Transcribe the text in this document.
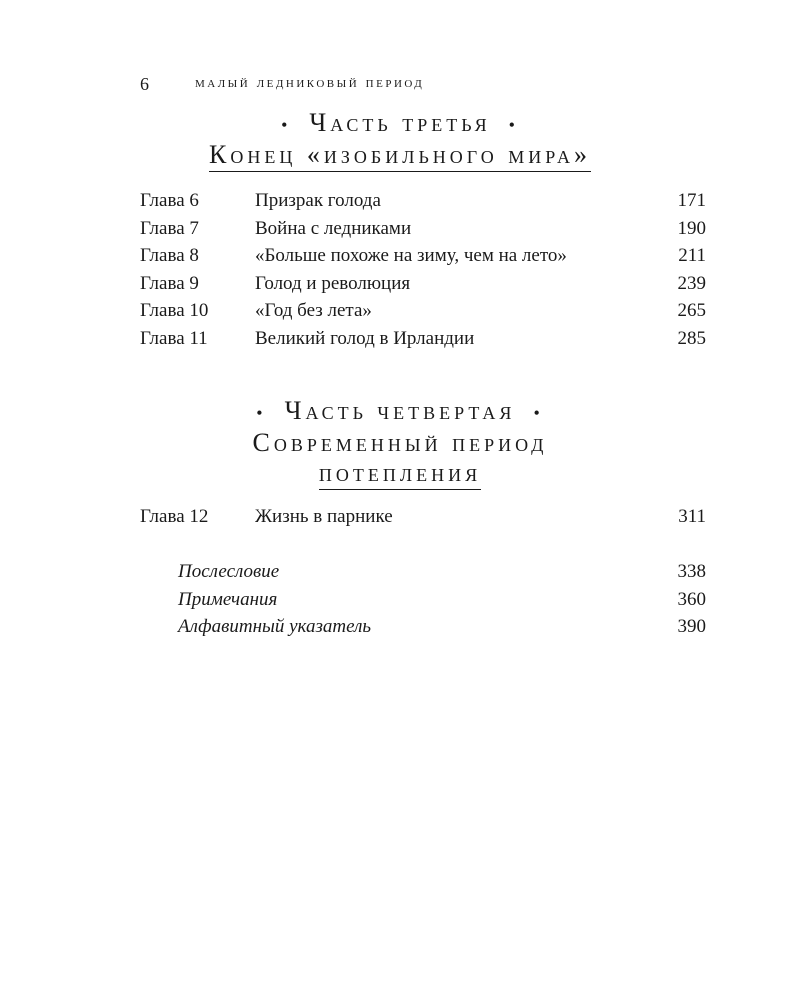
6	малый ледниковый период
• Часть третья •
Конец «изобильного мира»
Глава 6	Призрак голода	171
Глава 7	Война с ледниками	190
Глава 8	«Больше похоже на зиму, чем на лето»	211
Глава 9	Голод и революция	239
Глава 10	«Год без лета»	265
Глава 11	Великий голод в Ирландии	285
• Часть четвертая •
Современный период
потепления
Глава 12	Жизнь в парнике	311
Послесловие	338
Примечания	360
Алфавитный указатель	390
